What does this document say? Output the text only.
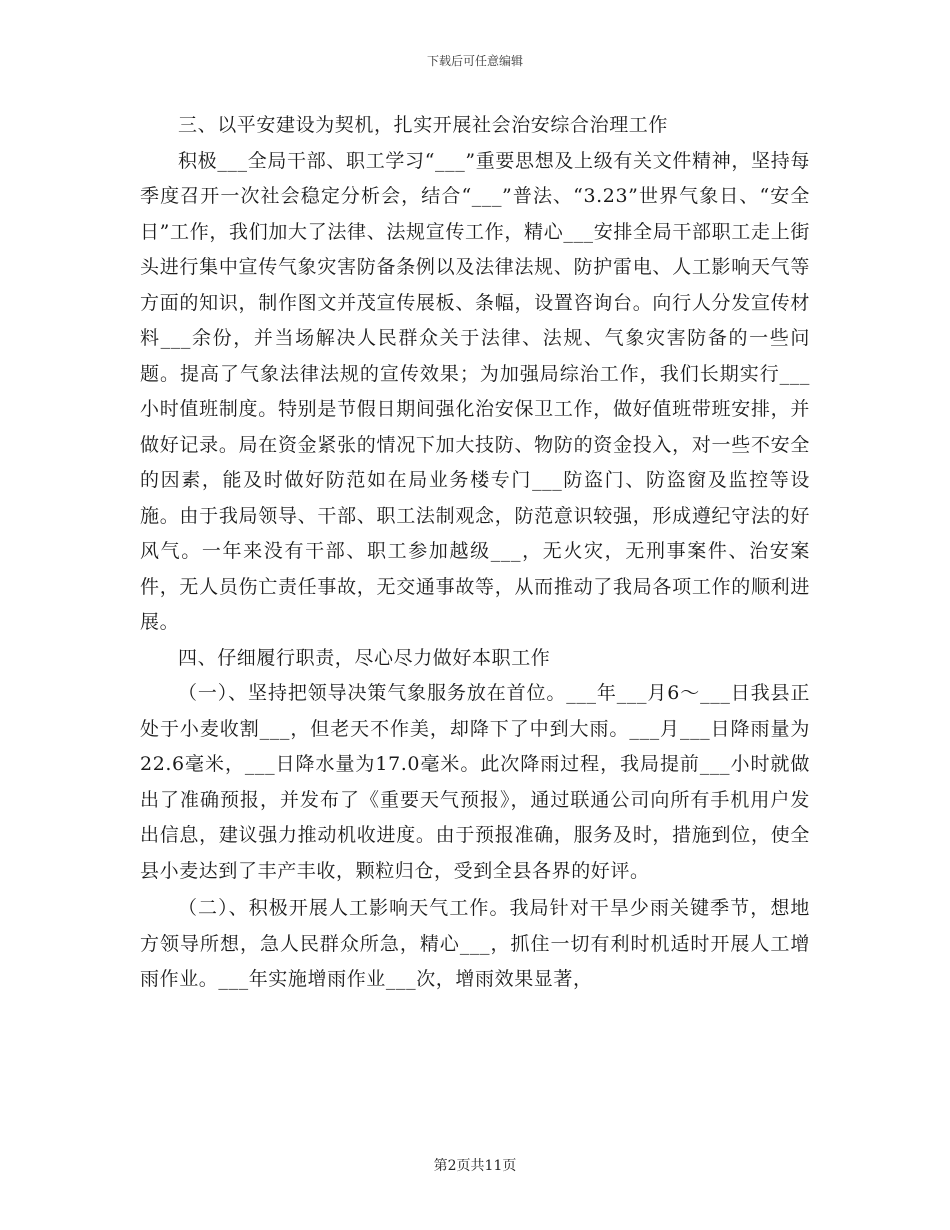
下载后可任意编辑

三、以平安建设为契机，扎实开展社会治安综合治理工作

积极___全局干部、职工学习“___”重要思想及上级有关文件精神，坚持每季度召开一次社会稳定分析会，结合“___”普法、“3.23”世界气象日、“安全日”工作，我们加大了法律、法规宣传工作，精心___安排全局干部职工走上街头进行集中宣传气象灾害防备条例以及法律法规、防护雷电、人工影响天气等方面的知识，制作图文并茂宣传展板、条幅，设置咨询台。向行人分发宣传材料___余份，并当场解决人民群众关于法律、法规、气象灾害防备的一些问题。提高了气象法律法规的宣传效果；为加强局综治工作，我们长期实行___小时值班制度。特别是节假日期间强化治安保卫工作，做好值班带班安排，并做好记录。局在资金紧张的情况下加大技防、物防的资金投入，对一些不安全的因素，能及时做好防范如在局业务楼专门___防盗门、防盗窗及监控等设施。由于我局领导、干部、职工法制观念，防范意识较强，形成遵纪守法的好风气。一年来没有干部、职工参加越级___，无火灾，无刑事案件、治安案件，无人员伤亡责任事故，无交通事故等，从而推动了我局各项工作的顺利进展。

四、仔细履行职责，尽心尽力做好本职工作

（一）、坚持把领导决策气象服务放在首位。___年___月6～___日我县正处于小麦收割___，但老天不作美，却降下了中到大雨。___月___日降雨量为22.6毫米，___日降水量为17.0毫米。此次降雨过程，我局提前___小时就做出了准确预报，并发布了《重要天气预报》，通过联通公司向所有手机用户发出信息，建议强力推动机收进度。由于预报准确，服务及时，措施到位，使全县小麦达到了丰产丰收，颗粒归仓，受到全县各界的好评。

（二）、积极开展人工影响天气工作。我局针对干旱少雨关键季节，想地方领导所想，急人民群众所急，精心___，抓住一切有利时机适时开展人工增雨作业。___年实施增雨作业___次，增雨效果显著，

第2页共11页
